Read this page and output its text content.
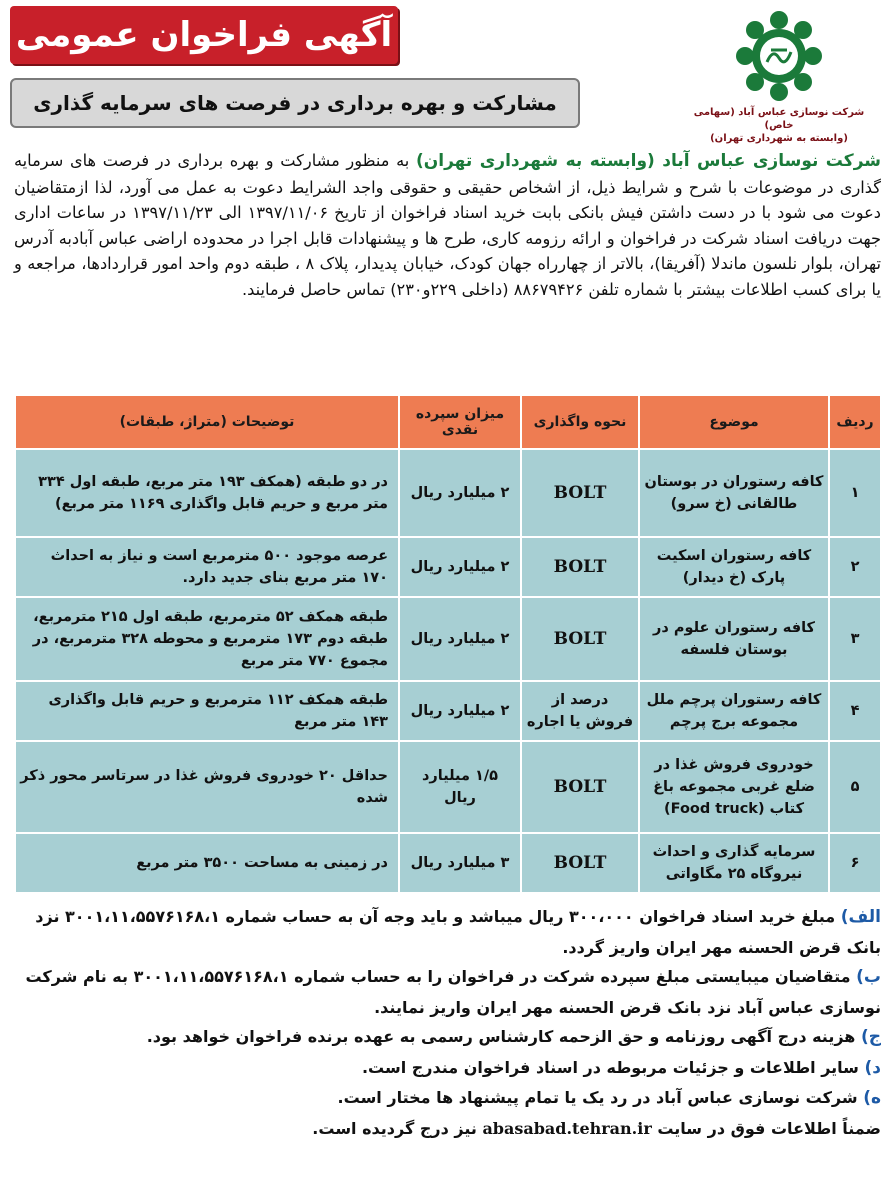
آگهی فراخوان عمومی
مشارکت و بهره برداری در فرصت های سرمایه گذاری	شرکت نوسازی عباس آباد (سهامی خاص)
(وابسته به شهرداری تهران)
شرکت نوسازی عباس آباد (وابسته به شهرداری تهران) به منظور مشارکت و بهره برداری در فرصت های سرمایه گذاری در موضوعات با شرح و شرایط ذیل، از اشخاص حقیقی و حقوقی واجد الشرایط دعوت به عمل می آورد، لذا ازمتقاضیان دعوت می شود با در دست داشتن فیش بانکی بابت خرید اسناد فراخوان از تاریخ ۱۳۹۷/۱۱/۰۶ الی ۱۳۹۷/۱۱/۲۳ در ساعات اداری جهت دریافت اسناد شرکت در فراخوان و ارائه رزومه کاری، طرح ها و پیشنهادات قابل اجرا در محدوده اراضی عباس آبادبه آدرس تهران، بلوار نلسون ماندلا (آفریقا)، بالاتر از چهارراه جهان کودک، خیابان پدیدار، پلاک ۸ ، طبقه دوم واحد امور قراردادها، مراجعه و یا برای کسب اطلاعات بیشتر با شماره تلفن ۸۸۶۷۹۴۲۶ (داخلی ۲۲۹و۲۳۰) تماس حاصل فرمایند.
ردیف	موضوع	نحوه واگذاری	میزان سپرده نقدی	توضیحات (متراژ، طبقات)
۱	کافه رستوران در بوستان طالقانی (خ سرو)	BOLT	۲ میلیارد ریال	در دو طبقه (همکف ۱۹۳ متر مربع، طبقه اول ۳۳۴ متر مربع و حریم قابل واگذاری ۱۱۶۹ متر مربع)
۲	کافه رستوران اسکیت پارک (خ دیدار)	BOLT	۲ میلیارد ریال	عرصه موجود ۵۰۰ مترمربع است و نیاز به احداث ۱۷۰ متر مربع بنای جدید دارد.
۳	کافه رستوران علوم در بوستان فلسفه	BOLT	۲ میلیارد ریال	طبقه همکف ۵۲ مترمربع، طبقه اول ۲۱۵ مترمربع، طبقه دوم ۱۷۳ مترمربع و محوطه ۳۲۸ مترمربع، در مجموع ۷۷۰ متر مربع
۴	کافه رستوران پرچم ملل مجموعه برج پرچم	درصد از فروش یا اجاره	۲ میلیارد ریال	طبقه همکف ۱۱۲ مترمربع و حریم قابل واگذاری ۱۴۳ متر مربع
۵	خودروی فروش غذا در ضلع غربی مجموعه باغ کتاب (Food truck)	BOLT	۱/۵ میلیارد ریال	حداقل ۲۰ خودروی فروش غذا در سرتاسر محور ذکر شده
۶	سرمایه گذاری و احداث نیروگاه ۲۵ مگاواتی	BOLT	۳ میلیارد ریال	در زمینی به مساحت ۳۵۰۰ متر مربع

الف) مبلغ خرید اسناد فراخوان ۳۰۰،۰۰۰ ریال میباشد و باید وجه آن به حساب شماره ۳۰۰۱،۱۱،۵۵۷۶۱۶۸،۱ نزد بانک قرض الحسنه مهر ایران واریز گردد.

ب) متقاضیان میبایستی مبلغ سپرده شرکت در فراخوان را به حساب شماره ۳۰۰۱،۱۱،۵۵۷۶۱۶۸،۱ به نام شرکت نوسازی عباس آباد نزد بانک قرض الحسنه مهر ایران واریز نمایند.

ج) هزینه درج آگهی روزنامه و حق الزحمه کارشناس رسمی به عهده برنده فراخوان خواهد بود.

د) سایر اطلاعات و جزئیات مربوطه در اسناد فراخوان مندرج است.

ه) شرکت نوسازی عباس آباد در رد یک یا تمام پیشنهاد ها مختار است.

ضمناً اطلاعات فوق در سایت abasabad.tehran.ir نیز درج گردیده است.
